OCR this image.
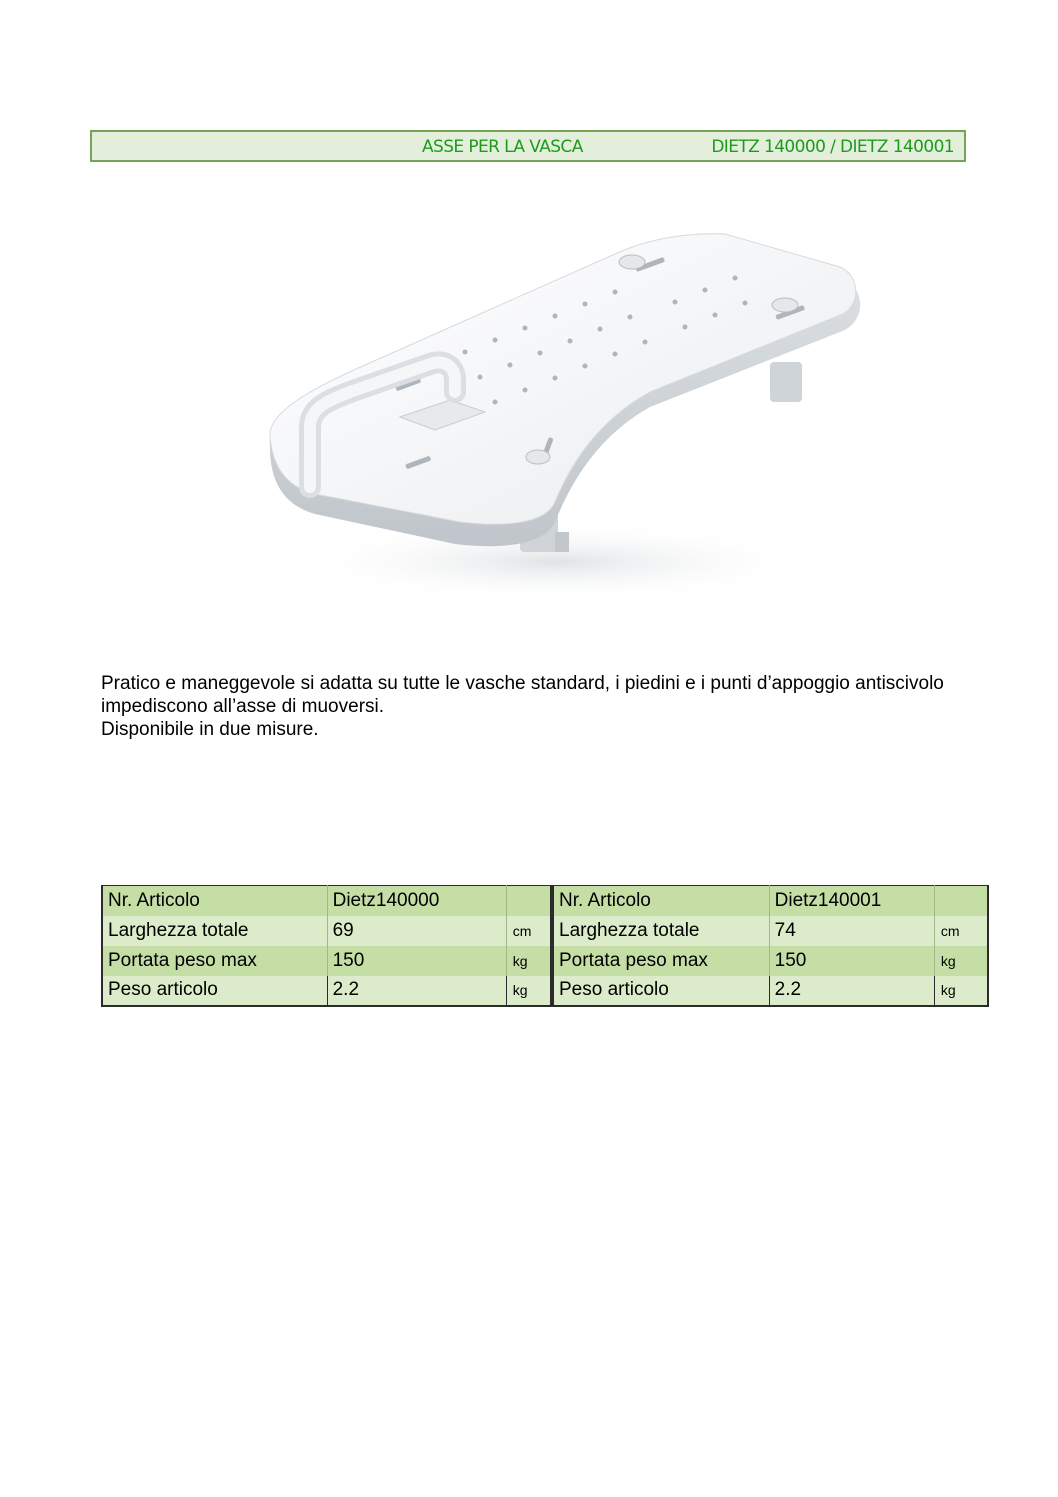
ASSE PER LA VASCA	DIETZ 140000 / DIETZ 140001

Pratico e maneggevole si adatta su tutte le vasche standard, i piedini e i punti d’appoggio antiscivolo impediscono all’asse di muoversi.

Disponibile in due misure.

Nr. Articolo	Dietz140000	
Larghezza totale	69	cm
Portata peso max	150	kg
Peso articolo	2.2	kg
Nr. Articolo	Dietz140001	
Larghezza totale	74	cm
Portata peso max	150	kg
Peso articolo	2.2	kg
